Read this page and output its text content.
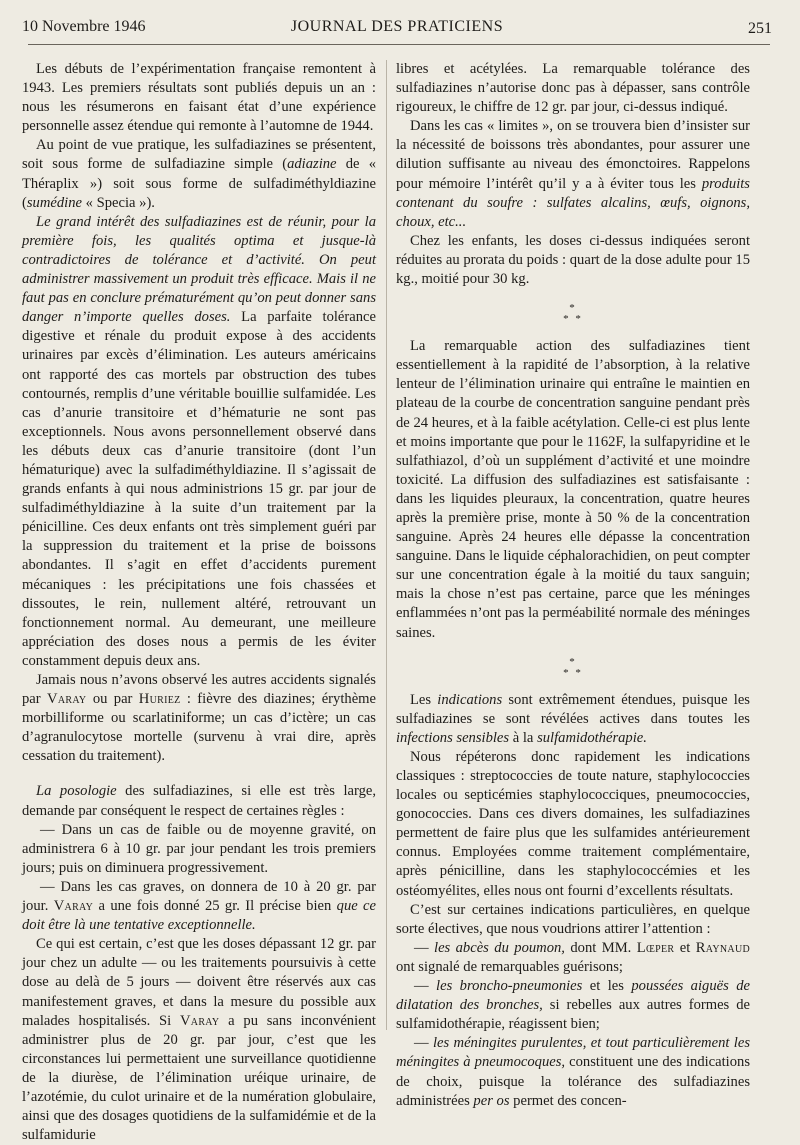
10 Novembre 1946	JOURNAL DES PRATICIENS	251

Les débuts de l’expérimentation française remontent à 1943. Les premiers résultats sont publiés depuis un an : nous les résumerons en faisant état d’une expérience personnelle assez étendue qui remonte à l’automne de 1944.

Au point de vue pratique, les sulfadiazines se présentent, soit sous forme de sulfadiazine simple (adiazine de « Théraplix ») soit sous forme de sulfadiméthyldiazine (sumédine « Specia »).

Le grand intérêt des sulfadiazines est de réunir, pour la première fois, les qualités optima et jusque-là contradictoires de tolérance et d’activité. On peut administrer massivement un produit très efficace. Mais il ne faut pas en conclure prématurément qu’on peut donner sans danger n’importe quelles doses. La parfaite tolérance digestive et rénale du produit expose à des accidents urinaires par excès d’élimination. Les auteurs américains ont rapporté des cas mortels par obstruction des tubes contournés, remplis d’une véritable bouillie sulfamidée. Les cas d’anurie transitoire et d’hématurie ne sont pas exceptionnels. Nous avons personnellement observé dans les débuts deux cas d’anurie transitoire (dont l’un hématurique) avec la sulfadiméthyldiazine. Il s’agissait de grands enfants à qui nous administrions 15 gr. par jour de sulfadiméthyldiazine à la suite d’un traitement par la pénicilline. Ces deux enfants ont très simplement guéri par la suppression du traitement et la prise de boissons abondantes. Il s’agit en effet d’accidents purement mécaniques : les précipitations une fois chassées et dissoutes, le rein, nullement altéré, retrouvant un fonctionnement normal. Au demeurant, une meilleure appréciation des doses nous a permis de les éviter constamment depuis deux ans.

Jamais nous n’avons observé les autres accidents signalés par Varay ou par Huriez : fièvre des diazines; érythème morbilliforme ou scarlatiniforme; un cas d’ictère; un cas d’agranulocytose mortelle (survenu à vrai dire, après cessation du traitement).

La posologie des sulfadiazines, si elle est très large, demande par conséquent le respect de certaines règles :

— Dans un cas de faible ou de moyenne gravité, on administrera 6 à 10 gr. par jour pendant les trois premiers jours; puis on diminuera progressivement.

— Dans les cas graves, on donnera de 10 à 20 gr. par jour. Varay a une fois donné 25 gr. Il précise bien que ce doit être là une tentative exceptionnelle.

Ce qui est certain, c’est que les doses dépassant 12 gr. par jour chez un adulte — ou les traitements poursuivis à cette dose au delà de 5 jours — doivent être réservés aux cas manifestement graves, et dans la mesure du possible aux malades hospitalisés. Si Varay a pu sans inconvénient administrer plus de 20 gr. par jour, c’est que les circonstances lui permettaient une surveillance quotidienne de la diurèse, de l’élimination uréique urinaire, de l’azotémie, du culot urinaire et de la numération globulaire, ainsi que des dosages quotidiens de la sulfamidémie et de la sulfamidurie

libres et acétylées. La remarquable tolérance des sulfadiazines n’autorise donc pas à dépasser, sans contrôle rigoureux, le chiffre de 12 gr. par jour, ci-dessus indiqué.

Dans les cas « limites », on se trouvera bien d’insister sur la nécessité de boissons très abondantes, pour assurer une dilution suffisante au niveau des émonctoires. Rappelons pour mémoire l’intérêt qu’il y a à éviter tous les produits contenant du soufre : sulfates alcalins, œufs, oignons, choux, etc...

Chez les enfants, les doses ci-dessus indiquées seront réduites au prorata du poids : quart de la dose adulte pour 15 kg., moitié pour 30 kg.

*
* *

La remarquable action des sulfadiazines tient essentiellement à la rapidité de l’absorption, à la relative lenteur de l’élimination urinaire qui entraîne le maintien en plateau de la courbe de concentration sanguine pendant près de 24 heures, et à la faible acétylation. Celle-ci est plus lente et moins importante que pour le 1162F, la sulfapyridine et le sulfathiazol, d’où un supplément d’activité et une moindre toxicité. La diffusion des sulfadiazines est satisfaisante : dans les liquides pleuraux, la concentration, quatre heures après la première prise, monte à 50 % de la concentration sanguine. Après 24 heures elle dépasse la concentration sanguine. Dans le liquide céphalorachidien, on peut compter sur une concentration égale à la moitié du taux sanguin; mais la chose n’est pas certaine, parce que les méninges enflammées n’ont pas la perméabilité normale des méninges saines.

*
* *

Les indications sont extrêmement étendues, puisque les sulfadiazines se sont révélées actives dans toutes les infections sensibles à la sulfamidothérapie.

Nous répéterons donc rapidement les indications classiques : streptococcies de toute nature, staphylococcies locales ou septicémies staphylococciques, pneumococcies, gonococcies. Dans ces divers domaines, les sulfadiazines permettent de faire plus que les sulfamides antérieurement connus. Employées comme traitement complémentaire, après pénicilline, dans les staphylococcémies et les ostéomyélites, elles nous ont fourni d’excellents résultats.

C’est sur certaines indications particulières, en quelque sorte électives, que nous voudrions attirer l’attention :

— les abcès du poumon, dont MM. Lœper et Raynaud ont signalé de remarquables guérisons;

— les broncho-pneumonies et les poussées aiguës de dilatation des bronches, si rebelles aux autres formes de sulfamidothérapie, réagissent bien;

— les méningites purulentes, et tout particulièrement les méningites à pneumocoques, constituent une des indications de choix, puisque la tolérance des sulfadiazines administrées per os permet des concen-
